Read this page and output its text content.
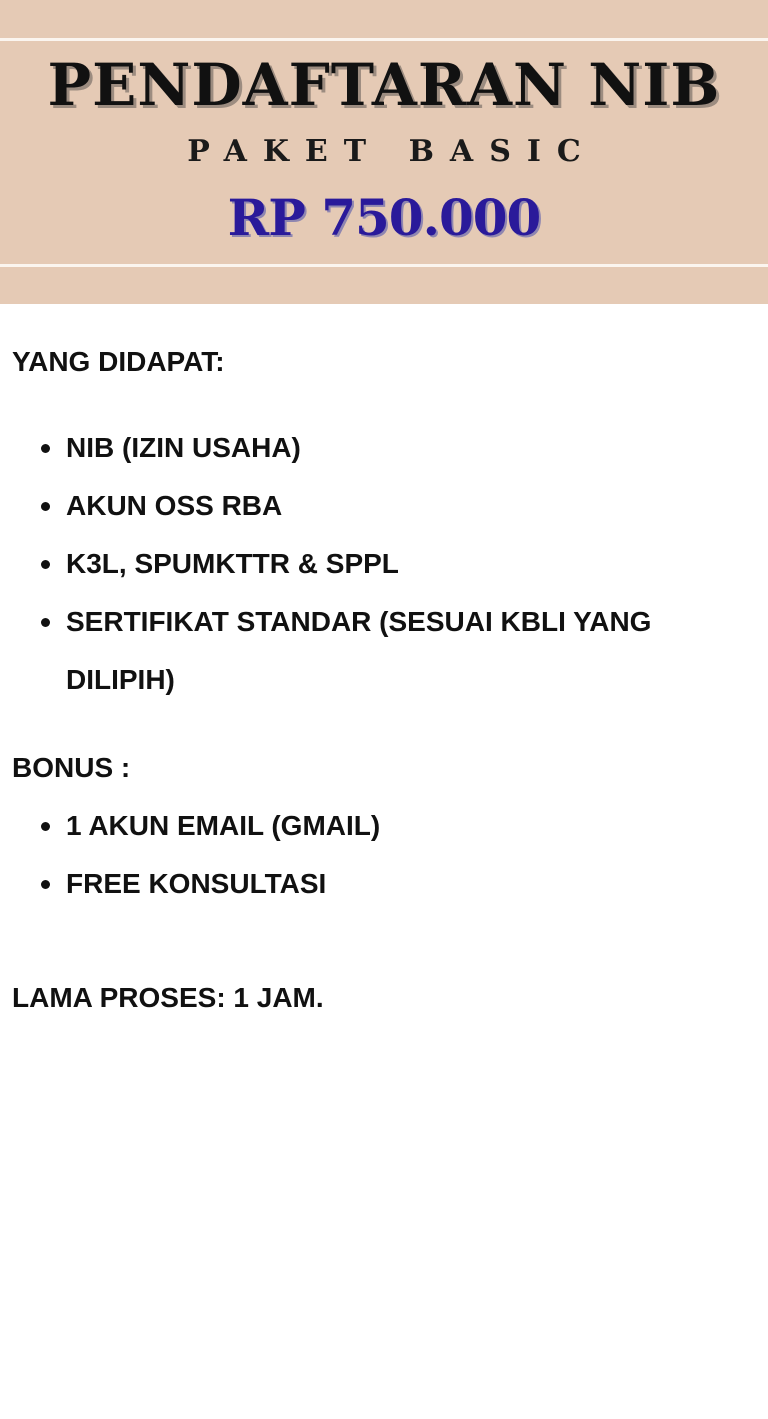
PENDAFTARAN NIB
PAKET BASIC
RP 750.000
YANG DIDAPAT:
NIB (IZIN USAHA)
AKUN OSS RBA
K3L, SPUMKTTR & SPPL
SERTIFIKAT STANDAR (SESUAI KBLI YANG DILIPIH)
BONUS :
1 AKUN EMAIL (GMAIL)
FREE KONSULTASI
LAMA PROSES: 1 JAM.
